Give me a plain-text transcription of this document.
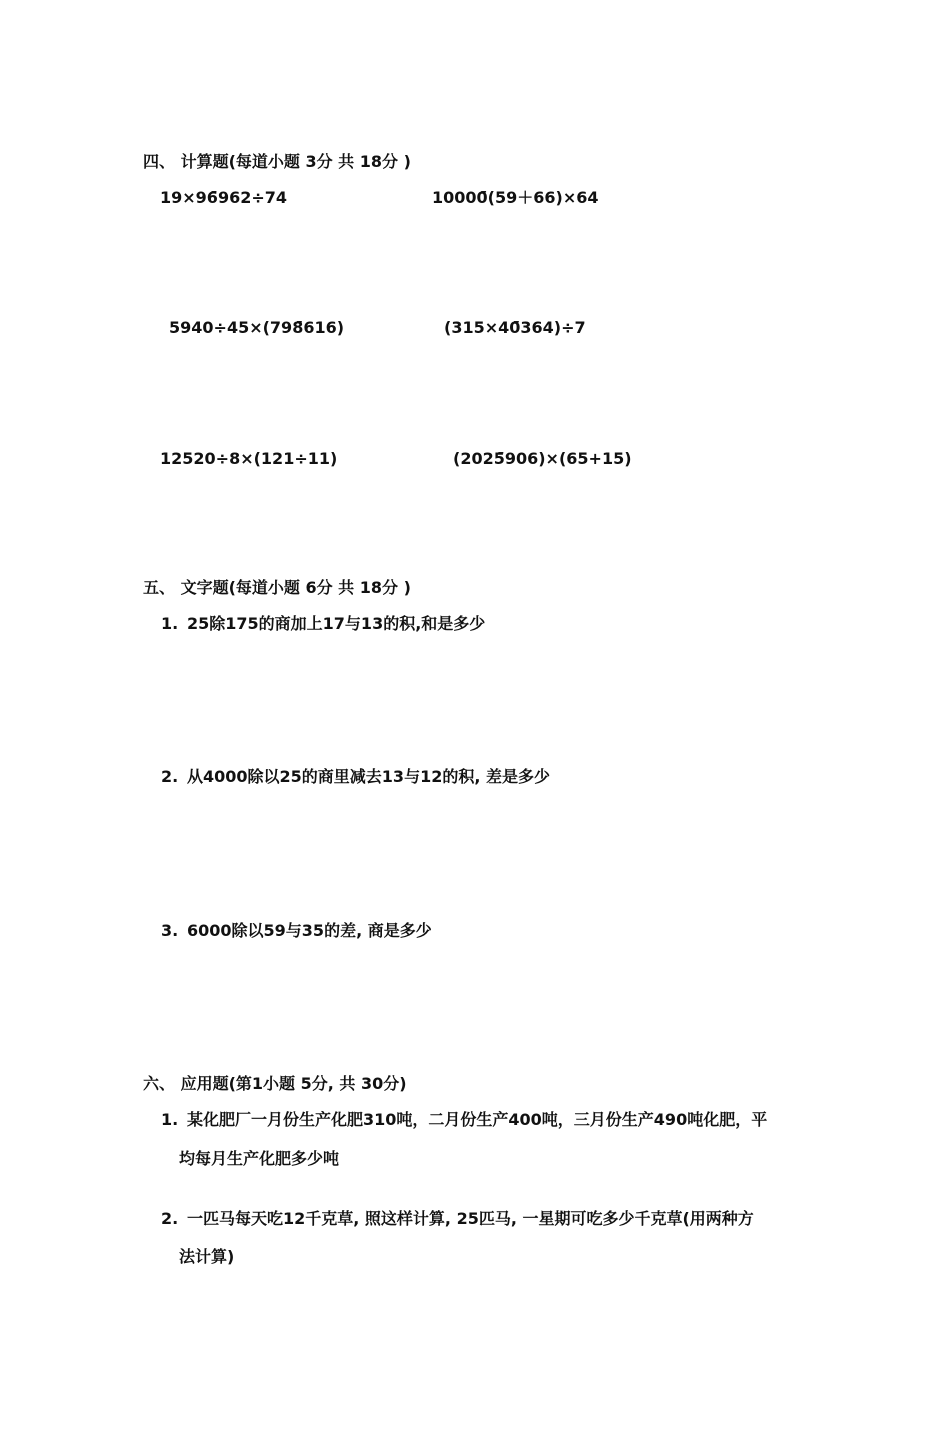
四、 计算题(每道小题 3分 共 18分 )
19×96̄962÷74	10000̄(59＋66)×64
5940÷45×(798̄616)	(315×40̄364)÷7
12520÷8×(121÷11)	(2025̄906)×(65+15)
五、 文字题(每道小题 6分 共 18分 )
1. 25除175的商加上17与13的积,和是多少
2. 从4000除以25的商里减去13与12的积, 差是多少
3. 6000除以59与35的差, 商是多少
六、 应用题(第1小题 5分, 共 30分)
1. 某化肥厂一月份生产化肥310吨，二月份生产400吨，三月份生产490吨化肥，平
均每月生产化肥多少吨
2. 一匹马每天吃12千克草, 照这样计算, 25匹马, 一星期可吃多少千克草(用两种方
法计算)
